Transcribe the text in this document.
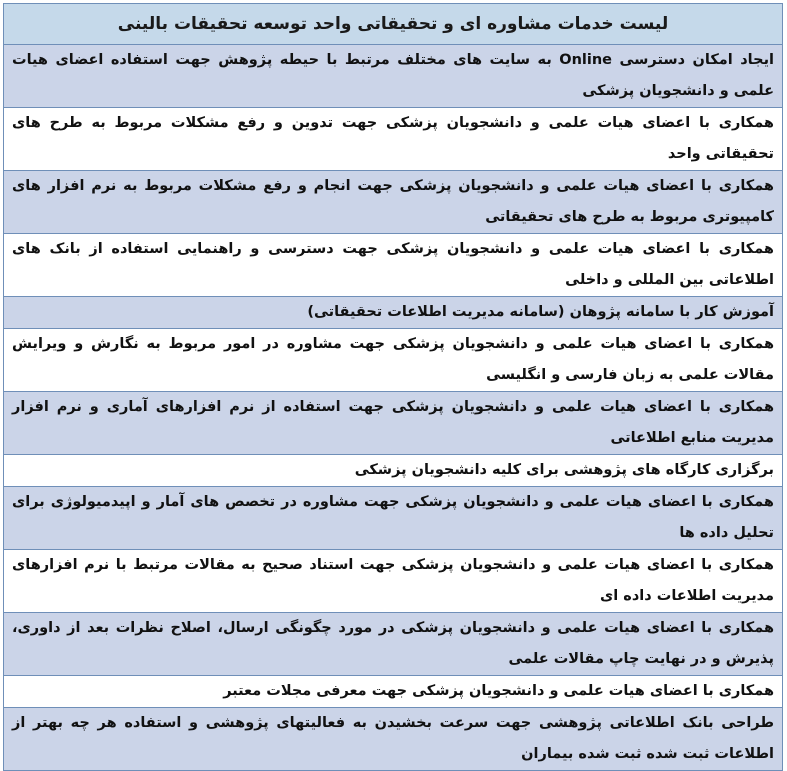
لیست خدمات مشاوره ای و تحقیقاتی واحد توسعه تحقیقات بالینی
ایجاد امکان دسترسی Online به سایت های مختلف مرتبط با حیطه پژوهش جهت استفاده اعضای هیات علمی و دانشجویان پزشکی
همکاری با اعضای هیات علمی و دانشجویان پزشکی جهت تدوین و رفع مشکلات مربوط به طرح های تحقیقاتی واحد
همکاری با اعضای هیات علمی و دانشجویان پزشکی جهت انجام و رفع مشکلات مربوط به نرم افزار های کامپیوتری مربوط به طرح های تحقیقاتی
همکاری با اعضای هیات علمی و دانشجویان پزشکی جهت دسترسی و راهنمایی استفاده از بانک های اطلاعاتی بین المللی و داخلی
آموزش کار با سامانه پژوهان (سامانه مدیریت اطلاعات تحقیقاتی)
همکاری با اعضای هیات علمی و دانشجویان پزشکی جهت مشاوره در امور مربوط به نگارش و ویرایش مقالات علمی به زبان فارسی و انگلیسی
همکاری با اعضای هیات علمی و دانشجویان پزشکی جهت استفاده از نرم افزارهای آماری و نرم افزار مدیریت منابع اطلاعاتی
برگزاری کارگاه های پژوهشی برای کلیه دانشجویان پزشکی
همکاری با اعضای هیات علمی و دانشجویان پزشکی جهت مشاوره در تخصص های آمار و اپیدمیولوژی برای تحلیل داده ها
همکاری با اعضای هیات علمی و دانشجویان پزشکی جهت استناد صحیح به مقالات مرتبط با نرم افزارهای مدیریت اطلاعات داده ای
همکاری با اعضای هیات علمی و دانشجویان پزشکی در مورد چگونگی ارسال، اصلاح نظرات بعد از داوری، پذیرش و در نهایت چاپ مقالات علمی
همکاری با اعضای هیات علمی و دانشجویان پزشکی جهت معرفی مجلات معتبر
طراحی بانک اطلاعاتی پژوهشی جهت سرعت بخشیدن به فعالیتهای پژوهشی و استفاده هر چه بهتر از اطلاعات ثبت شده ثبت شده بیماران
